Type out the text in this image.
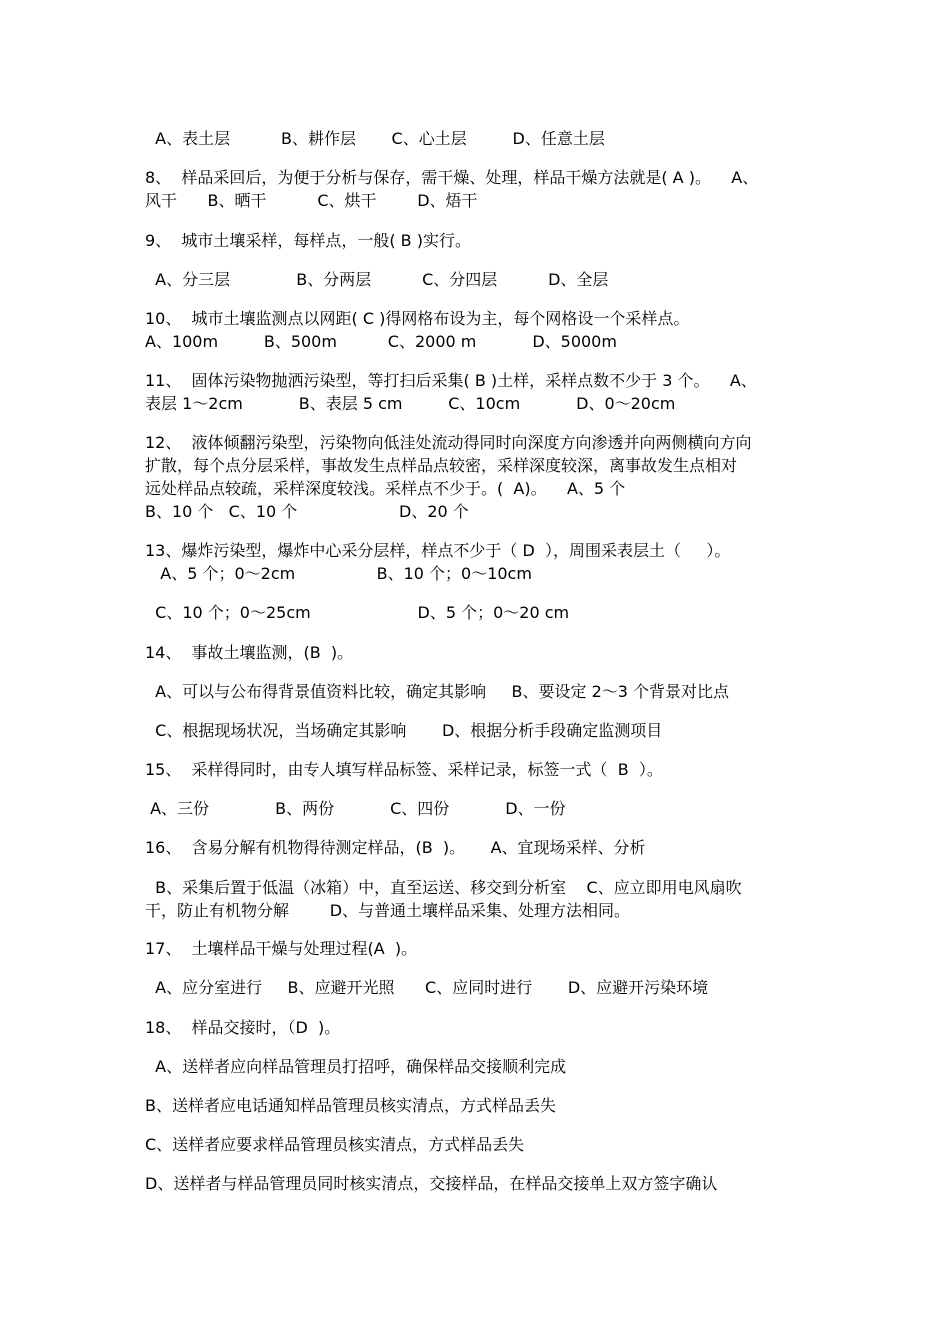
A、表土层          B、耕作层       C、心土层         D、任意土层
8、  样品采回后，为便于分析与保存，需干燥、处理，样品干燥方法就是( A )。    A、
风干      B、晒干          C、烘干        D、焐干
9、  城市土壤采样，每样点，一般( B )实行。
A、分三层             B、分两层          C、分四层          D、全层
10、  城市土壤监测点以网距( C )得网格布设为主，每个网格设一个采样点。
A、100m         B、500m          C、2000 m           D、5000m
11、  固体污染物抛洒污染型，等打扫后采集( B )土样，采样点数不少于 3 个。    A、
表层 1～2cm           B、表层 5 cm         C、10cm           D、0～20cm
12、  液体倾翻污染型，污染物向低洼处流动得同时向深度方向渗透并向两侧横向方向
扩散，每个点分层采样，事故发生点样品点较密，采样深度较深，离事故发生点相对
远处样品点较疏，采样深度较浅。采样点不少于。(  A)。    A、5 个
B、10 个   C、10 个                    D、20 个
13、爆炸污染型，爆炸中心采分层样，样点不少于（ D  ），周围采表层土（     ）。
A、5 个；0～2cm                B、10 个；0～10cm
C、10 个；0～25cm                     D、5 个；0～20 cm
14、  事故土壤监测，(B  )。
A、可以与公布得背景值资料比较，确定其影响     B、要设定 2～3 个背景对比点
C、根据现场状况，当场确定其影响       D、根据分析手段确定监测项目
15、  采样得同时，由专人填写样品标签、采样记录，标签一式（  B  ）。
A、三份             B、两份           C、四份           D、一份
16、  含易分解有机物得待测定样品，(B  )。     A、宜现场采样、分析
B、采集后置于低温（冰箱）中，直至运送、移交到分析室    C、应立即用电风扇吹
干，防止有机物分解        D、与普通土壤样品采集、处理方法相同。
17、  土壤样品干燥与处理过程(A  )。
A、应分室进行     B、应避开光照      C、应同时进行       D、应避开污染环境
18、  样品交接时，（D  )。
A、送样者应向样品管理员打招呼，确保样品交接顺利完成
B、送样者应电话通知样品管理员核实清点，方式样品丢失
C、送样者应要求样品管理员核实清点，方式样品丢失
D、送样者与样品管理员同时核实清点，交接样品，在样品交接单上双方签字确认
